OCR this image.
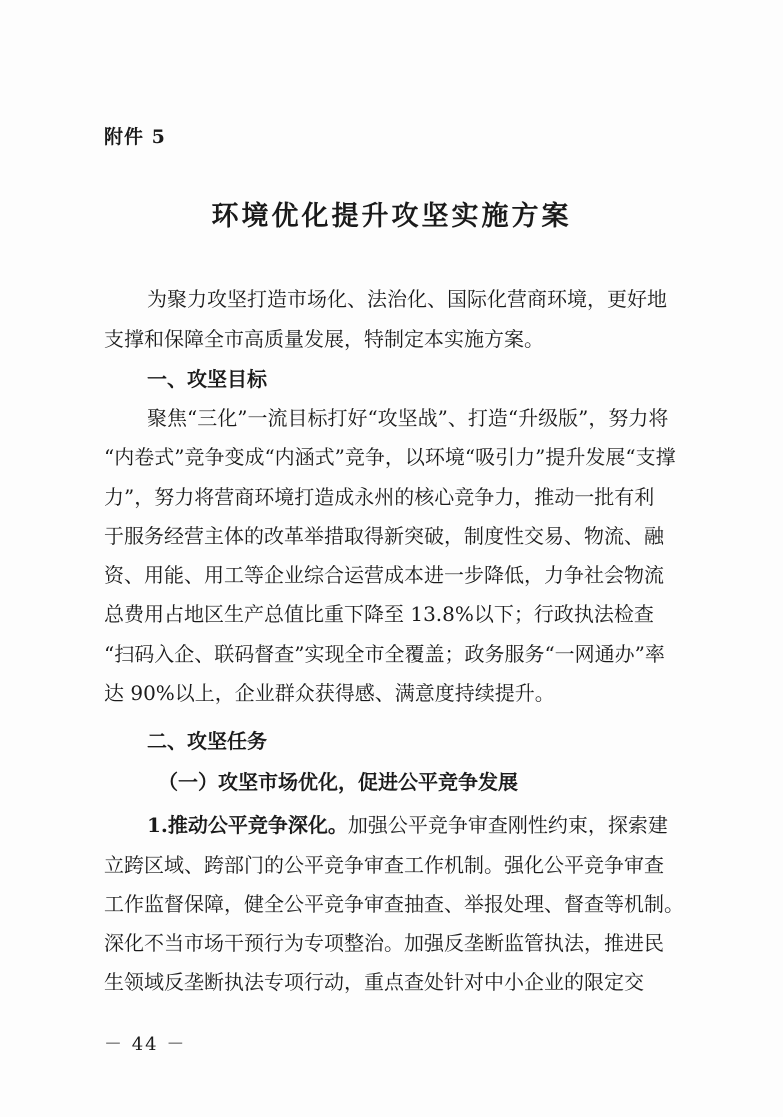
附件 5
环境优化提升攻坚实施方案
为聚力攻坚打造市场化、法治化、国际化营商环境，更好地
支撑和保障全市高质量发展，特制定本实施方案。
一、攻坚目标
聚焦“三化”一流目标打好“攻坚战”、打造“升级版”，努力将
“内卷式”竞争变成“内涵式”竞争，以环境“吸引力”提升发展“支撑
力”，努力将营商环境打造成永州的核心竞争力，推动一批有利
于服务经营主体的改革举措取得新突破，制度性交易、物流、融
资、用能、用工等企业综合运营成本进一步降低，力争社会物流
总费用占地区生产总值比重下降至 13.8%以下；行政执法检查
“扫码入企、联码督查”实现全市全覆盖；政务服务“一网通办”率
达 90%以上，企业群众获得感、满意度持续提升。
二、攻坚任务
（一）攻坚市场优化，促进公平竞争发展
1.推动公平竞争深化。加强公平竞争审查刚性约束，探索建
立跨区域、跨部门的公平竞争审查工作机制。强化公平竞争审查
工作监督保障，健全公平竞争审查抽查、举报处理、督查等机制。
深化不当市场干预行为专项整治。加强反垄断监管执法，推进民
生领域反垄断执法专项行动，重点查处针对中小企业的限定交
－ 44 －
